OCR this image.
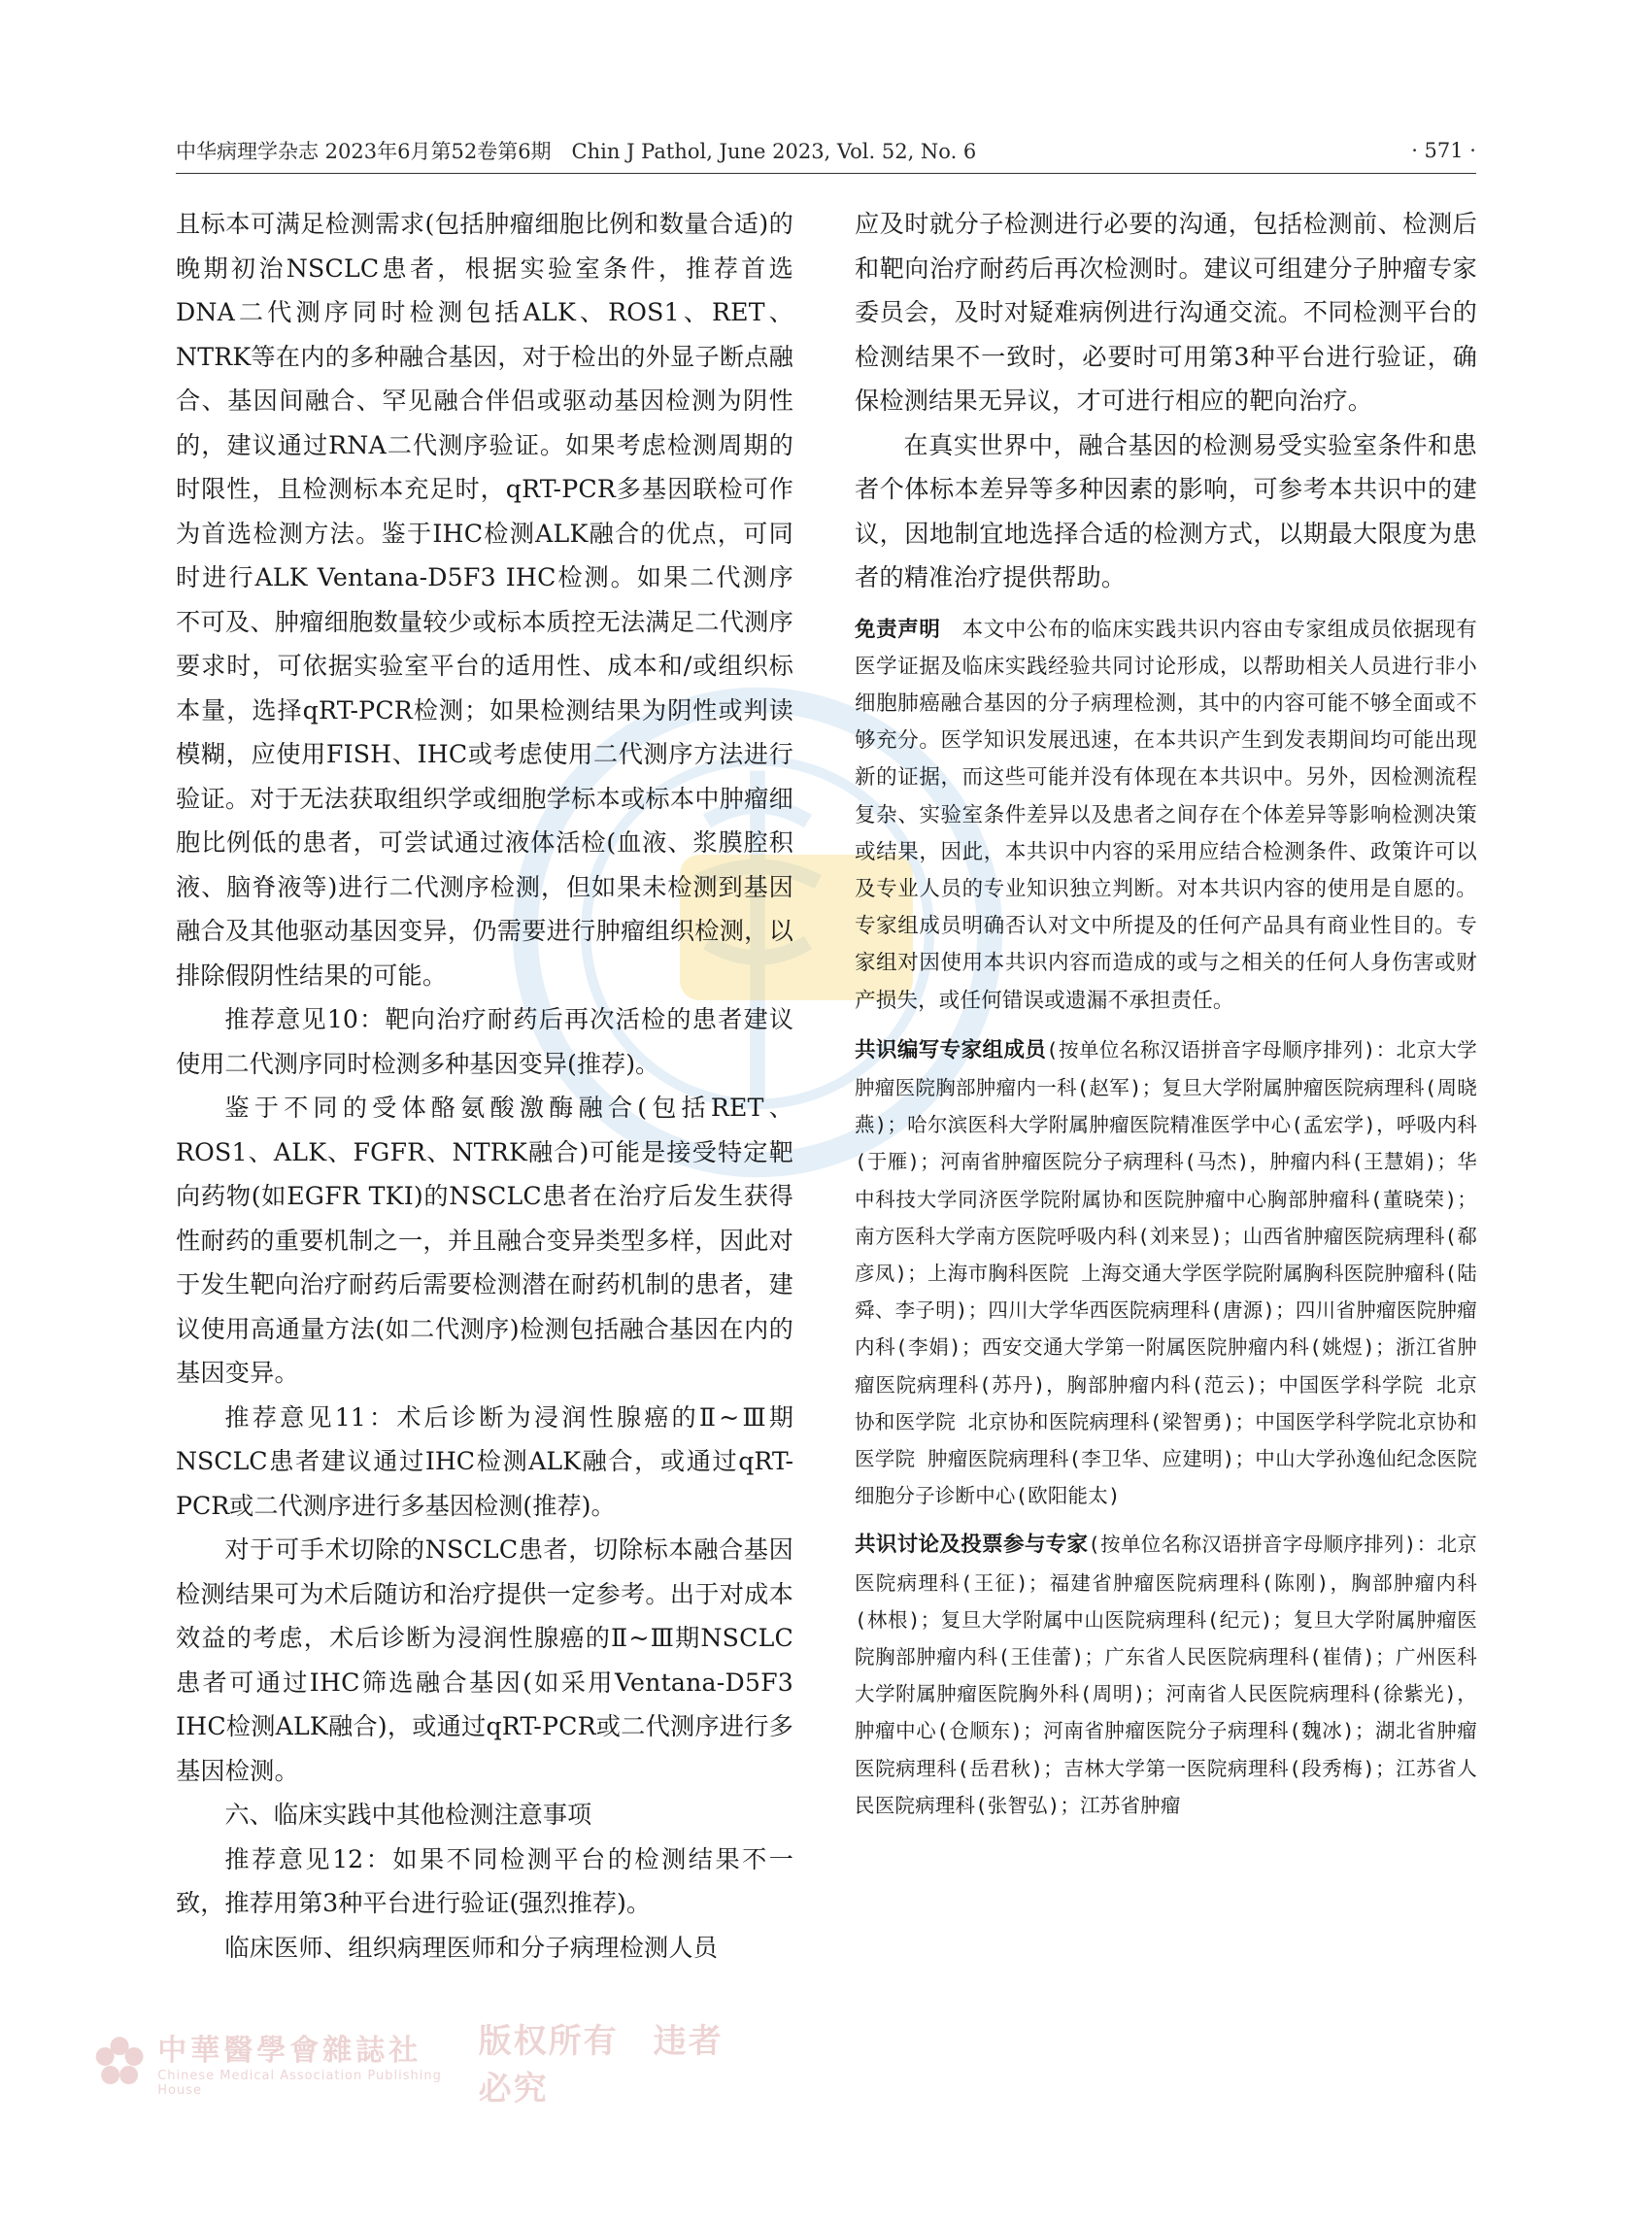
中华病理学杂志 2023年6月第52卷第6期　Chin J Pathol, June 2023, Vol. 52, No. 6	· 571 ·

且标本可满足检测需求(包括肿瘤细胞比例和数量合适)的晚期初治NSCLC患者，根据实验室条件，推荐首选DNA二代测序同时检测包括ALK、ROS1、RET、NTRK等在内的多种融合基因，对于检出的外显子断点融合、基因间融合、罕见融合伴侣或驱动基因检测为阴性的，建议通过RNA二代测序验证。如果考虑检测周期的时限性，且检测标本充足时，qRT-PCR多基因联检可作为首选检测方法。鉴于IHC检测ALK融合的优点，可同时进行ALK Ventana-D5F3 IHC检测。如果二代测序不可及、肿瘤细胞数量较少或标本质控无法满足二代测序要求时，可依据实验室平台的适用性、成本和/或组织标本量，选择qRT-PCR检测；如果检测结果为阴性或判读模糊，应使用FISH、IHC或考虑使用二代测序方法进行验证。对于无法获取组织学或细胞学标本或标本中肿瘤细胞比例低的患者，可尝试通过液体活检(血液、浆膜腔积液、脑脊液等)进行二代测序检测，但如果未检测到基因融合及其他驱动基因变异，仍需要进行肿瘤组织检测，以排除假阴性结果的可能。

推荐意见10：靶向治疗耐药后再次活检的患者建议使用二代测序同时检测多种基因变异(推荐)。

鉴于不同的受体酪氨酸激酶融合(包括RET、ROS1、ALK、FGFR、NTRK融合)可能是接受特定靶向药物(如EGFR TKI)的NSCLC患者在治疗后发生获得性耐药的重要机制之一，并且融合变异类型多样，因此对于发生靶向治疗耐药后需要检测潜在耐药机制的患者，建议使用高通量方法(如二代测序)检测包括融合基因在内的基因变异。

推荐意见11：术后诊断为浸润性腺癌的Ⅱ~Ⅲ期NSCLC患者建议通过IHC检测ALK融合，或通过qRT-PCR或二代测序进行多基因检测(推荐)。

对于可手术切除的NSCLC患者，切除标本融合基因检测结果可为术后随访和治疗提供一定参考。出于对成本效益的考虑，术后诊断为浸润性腺癌的Ⅱ~Ⅲ期NSCLC患者可通过IHC筛选融合基因(如采用Ventana-D5F3 IHC检测ALK融合)，或通过qRT-PCR或二代测序进行多基因检测。

六、临床实践中其他检测注意事项

推荐意见12：如果不同检测平台的检测结果不一致，推荐用第3种平台进行验证(强烈推荐)。

临床医师、组织病理医师和分子病理检测人员

应及时就分子检测进行必要的沟通，包括检测前、检测后和靶向治疗耐药后再次检测时。建议可组建分子肿瘤专家委员会，及时对疑难病例进行沟通交流。不同检测平台的检测结果不一致时，必要时可用第3种平台进行验证，确保检测结果无异议，才可进行相应的靶向治疗。

在真实世界中，融合基因的检测易受实验室条件和患者个体标本差异等多种因素的影响，可参考本共识中的建议，因地制宜地选择合适的检测方式，以期最大限度为患者的精准治疗提供帮助。

免责声明　 本文中公布的临床实践共识内容由专家组成员依据现有医学证据及临床实践经验共同讨论形成，以帮助相关人员进行非小细胞肺癌融合基因的分子病理检测，其中的内容可能不够全面或不够充分。医学知识发展迅速，在本共识产生到发表期间均可能出现新的证据，而这些可能并没有体现在本共识中。另外，因检测流程复杂、实验室条件差异以及患者之间存在个体差异等影响检测决策或结果，因此，本共识中内容的采用应结合检测条件、政策许可以及专业人员的专业知识独立判断。对本共识内容的使用是自愿的。专家组成员明确否认对文中所提及的任何产品具有商业性目的。专家组对因使用本共识内容而造成的或与之相关的任何人身伤害或财产损失，或任何错误或遗漏不承担责任。

共识编写专家组成员(按单位名称汉语拼音字母顺序排列)：北京大学肿瘤医院胸部肿瘤内一科(赵军)；复旦大学附属肿瘤医院病理科(周晓燕)；哈尔滨医科大学附属肿瘤医院精准医学中心(孟宏学)，呼吸内科(于雁)；河南省肿瘤医院分子病理科(马杰)，肿瘤内科(王慧娟)；华中科技大学同济医学院附属协和医院肿瘤中心胸部肿瘤科(董晓荣)；南方医科大学南方医院呼吸内科(刘来昱)；山西省肿瘤医院病理科(郗彦凤)；上海市胸科医院 上海交通大学医学院附属胸科医院肿瘤科(陆舜、李子明)；四川大学华西医院病理科(唐源)；四川省肿瘤医院肿瘤内科(李娟)；西安交通大学第一附属医院肿瘤内科(姚煜)；浙江省肿瘤医院病理科(苏丹)，胸部肿瘤内科(范云)；中国医学科学院 北京协和医学院 北京协和医院病理科(梁智勇)；中国医学科学院北京协和医学院 肿瘤医院病理科(李卫华、应建明)；中山大学孙逸仙纪念医院细胞分子诊断中心(欧阳能太)

共识讨论及投票参与专家(按单位名称汉语拼音字母顺序排列)：北京医院病理科(王征)；福建省肿瘤医院病理科(陈刚)，胸部肿瘤内科(林根)；复旦大学附属中山医院病理科(纪元)；复旦大学附属肿瘤医院胸部肿瘤内科(王佳蕾)；广东省人民医院病理科(崔倩)；广州医科大学附属肿瘤医院胸外科(周明)；河南省人民医院病理科(徐紫光)，肿瘤中心(仓顺东)；河南省肿瘤医院分子病理科(魏冰)；湖北省肿瘤医院病理科(岳君秋)；吉林大学第一医院病理科(段秀梅)；江苏省人民医院病理科(张智弘)；江苏省肿瘤

中華醫學會雜誌社
Chinese Medical Association Publishing House
版权所有　违者必究
